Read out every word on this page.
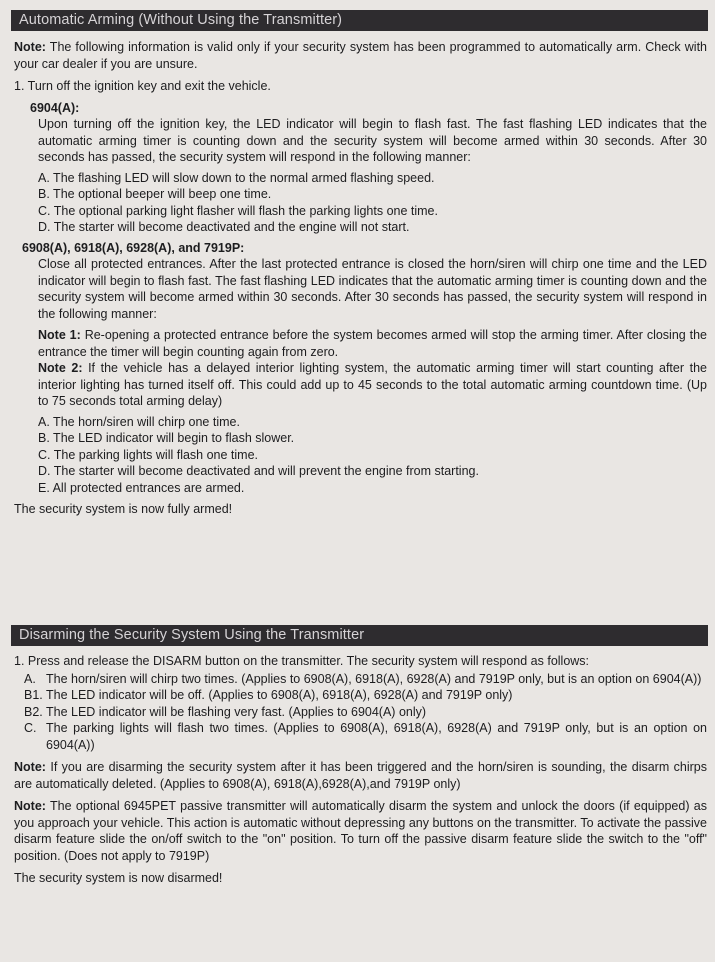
Automatic Arming (Without Using the Transmitter)

Note: The following information is valid only if your security system has been programmed to automatically arm. Check with your car dealer if you are unsure.

1. Turn off the ignition key and exit the vehicle.

6904(A):

Upon turning off the ignition key, the LED indicator will begin to flash fast. The fast flashing LED indicates that the automatic arming timer is counting down and the security system will become armed within 30 seconds. After 30 seconds has passed, the security system will respond in the following manner:

A. The flashing LED will slow down to the normal armed flashing speed.

B. The optional beeper will beep one time.

C. The optional parking light flasher will flash the parking lights one time.

D. The starter will become deactivated and the engine will not start.

6908(A), 6918(A), 6928(A), and 7919P:

Close all protected entrances. After the last protected entrance is closed the horn/siren will chirp one time and the LED indicator will begin to flash fast. The fast flashing LED indicates that the automatic arming timer is counting down and the security system will become armed within 30 seconds. After 30 seconds has passed, the security system will respond in the following manner:

Note 1: Re-opening a protected entrance before the system becomes armed will stop the arming timer. After closing the entrance the timer will begin counting again from zero.

Note 2: If the vehicle has a delayed interior lighting system, the automatic arming timer will start counting after the interior lighting has turned itself off. This could add up to 45 seconds to the total automatic arming countdown time. (Up to 75 seconds total arming delay)

A. The horn/siren will chirp one time.

B. The LED indicator will begin to flash slower.

C. The parking lights will flash one time.

D. The starter will become deactivated and will prevent the engine from starting.

E. All protected entrances are armed.

The security system is now fully armed!

Disarming the Security System Using the Transmitter

1. Press and release the DISARM button on the transmitter. The security system will respond as follows:

A. The horn/siren will chirp two times. (Applies to 6908(A), 6918(A), 6928(A) and 7919P only, but is an option on 6904(A))
B1. The LED indicator will be off. (Applies to 6908(A), 6918(A), 6928(A) and 7919P only)
B2. The LED indicator will be flashing very fast. (Applies to 6904(A) only)
C. The parking lights will flash two times. (Applies to 6908(A), 6918(A), 6928(A) and 7919P only, but is an option on 6904(A))

Note: If you are disarming the security system after it has been triggered and the horn/siren is sounding, the disarm chirps are automatically deleted. (Applies to 6908(A), 6918(A),6928(A),and 7919P only)

Note: The optional 6945PET passive transmitter will automatically disarm the system and unlock the doors (if equipped) as you approach your vehicle. This action is automatic without depressing any buttons on the transmitter. To activate the passive disarm feature slide the on/off switch to the "on" position. To turn off the passive disarm feature slide the switch to the "off" position. (Does not apply to 7919P)

The security system is now disarmed!
